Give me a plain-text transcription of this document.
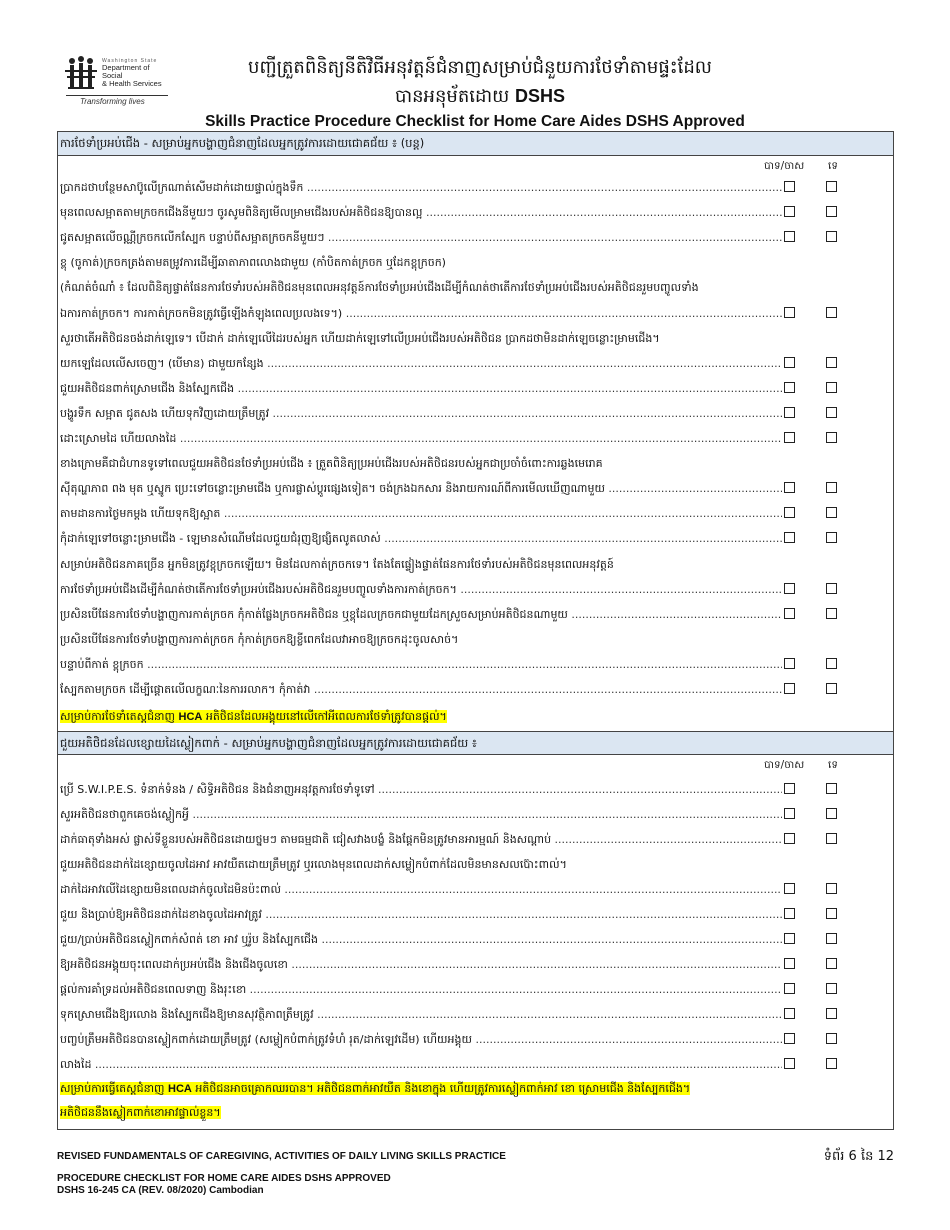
Washington State
Department of Social
& Health Services
Transforming lives
បញ្ជីត្រួតពិនិត្យនីតិវិធីអនុវត្តន៍ជំនាញសម្រាប់ជំនួយការថែទាំតាមផ្ទះដែល
បានអនុម័តដោយ DSHS
Skills Practice Procedure Checklist for Home Care Aides DSHS Approved
ការថែទាំប្រអប់ជើង - សម្រាប់អ្នកបង្ហាញជំនាញដែលអ្នកត្រូវការដោយជោគជ័យ ៖ (បន្ត)
បាទ/ចាស ទេ
ប្រាកដថាបន្ថែមសាប៊ូលើក្រណាត់សើមដាក់ដោយផ្ទាល់ក្នុងទឹក .....
មុនពេលសម្អាតតាមក្រចកជើងនីមួយៗ ចូរសូមពិនិត្យមើលម្រាមជើងរបស់អតិថិជនឱ្យបានល្អ .....
ជូតសម្អាតលើចណ្ណីក្រចកលើកស្បែក បន្ទាប់ពីសម្អាតក្រចកនីមួយៗ .....
ខ្ពុ (ចូកាត់)ក្រចកត្រង់តាមតម្រូវការដើម្បីឆាតាភាពលោងជាមួយ (កាំបិតកាត់ក្រចក ឬដែកខ្ពុក្រចក)
(កំណត់ចំណាំ ៖ ដែលពិនិត្យផ្ទាត់ផែនការថែទាំរបស់អតិថិជនមុនពេលអនុវត្តន៍ការថែទាំប្រអប់ជើងដើម្បីកំណត់ថាតើការថែទាំប្រអប់ជើងរបស់អតិថិជនរួមបញ្ចូលទាំង
ឯការកាត់ក្រចក។ ការកាត់ក្រចកមិនត្រូវធ្វើឡើងកំឡុងពេលប្រលងទេ។) .....
សួរថាតើអតិថិជនចង់ដាក់ឡេទេ។ បើដាក់ ដាក់ឡេលើដៃរបស់អ្នក ហើយដាក់ឡេទៅលើប្រអប់ជើងរបស់អតិថិជន ប្រាកដថាមិនដាក់ឡេចន្លោះម្រាមជើង។
យកឡេដែលលើសចេញ។ (បើមាន) ជាមួយកន្សែង .....
ជួយអតិថិជនពាក់ស្រោមជើង និងស្បែកជើង .....
បង្ហូរទឹក សម្អាត ជូតសង ហើយទុកវិញដោយត្រឹមត្រូវ .....
ដោះស្រោមដៃ ហើយលាងដៃ .....
ខាងក្រោមគឺជាជំហានទូទៅពេលជួយអតិថិជនថែទាំប្រអប់ជើង ៖ ត្រួតពិនិត្យប្រអប់ជើងរបស់អតិថិជនរបស់អ្នកជាប្រចាំចំពោះការឆ្លងមេរោគ
ស៊ីតុណ្ហភាព ពង មុត ឬស្នូក ប្រេះទៅចន្លោះម្រាមជើង ឬការផ្លាស់ប្តូរផ្សេងទៀត។ ចង់ក្រងឯកសារ និងរាយការណ៍ពីការមើលឃើញណាមួយ .....
តាមដានការថ្ងៃមកម្តង ហើយទុកឱ្យស្អាត .....
កុំដាក់ឡេទៅចន្លោះម្រាមជើង - ឡេមានសំណើមដែលជួយជំរុញឱ្យផ្សិតលូតលាស់ .....
សម្រាប់អតិថិជនភាគច្រើន អ្នកមិនត្រូវខ្ពុក្រចកឡើយ។ មិនដែលកាត់ក្រចកទេ។ តែងតែផ្ទៀងផ្ទាត់ផែនការថែទាំរបស់អតិថិជនមុនពេលអនុវត្តន៍
ការថែទាំប្រអប់ជើងដើម្បីកំណត់ថាតើការថែទាំប្រអប់ជើងរបស់អតិថិជនរួមបញ្ចូលទាំងការកាត់ក្រចក។ .....
ប្រសិនបើផែនការថែទាំបង្ហាញការកាត់ក្រចក កុំកាត់ផ្លែងក្រចកអតិថិជន ឬខ្ពុដែលក្រចកជាមួយដែកស្រួចសម្រាប់អតិថិជនណាមួយ .....
ប្រសិនបើផែនការថែទាំបង្ហាញការកាត់ក្រចក កុំកាត់ក្រចកឱ្យខ្លីពេកដែលវាអាចឱ្យក្រចកដុះចូលសាច់។
បន្ទាប់ពីកាត់ ខ្ពុក្រចក .....
ស្បែកតាមក្រចក ដើម្បីផ្តោតលើលក្ខណៈនៃការរលាក។ កុំកាត់វា .....
សម្រាប់ការថែទាំតេស្តជំនាញ HCA អតិថិជនដែលអង្គុយនៅលើកៅអីពេលការថែទាំត្រូវបានផ្តល់។
ជួយអតិថិជនដែលខ្សោយដៃស្លៀកពាក់ - សម្រាប់អ្នកបង្ហាញជំនាញដែលអ្នកត្រូវការដោយជោគជ័យ ៖
បាទ/ចាស ទេ
ប្រើ S.W.I.P.E.S. ទំនាក់ទំនង / សិទ្ធិអតិថិជន និងជំនាញអនុវត្តការថែទាំទូទៅ .....
សួរអតិថិជនថាពួកគេចង់ស្លៀកអ្វី .....
ដាក់ធាតុទាំងអស់ ផ្លាស់ទីខ្លួនរបស់អតិថិជនដោយថ្នមៗ តាមធម្មជាតិ ជៀសវាងបង្ខំ និងផ្តែកមិនត្រូវមានអារម្មណ៍ និងសណ្តាប់ .....
ជួយអតិថិជនដាក់ដៃខ្សោយចូលដៃអាវ អាវយឺតដោយត្រឹមត្រូវ ឬរលោងមុនពេលដាក់សម្លៀកបំពាក់ដែលមិនមានសលប៊ោះពាល់។
ដាក់ដៃអាវលើដៃខ្សោយមិនពេលដាក់ចូលដៃមិនប៉ះពាល់ .....
ជួយ និងប្រាប់ឱ្យអតិថិជនដាក់ដៃខាងចូលដៃអាវត្រូវ .....
ជួយ/ប្រាប់អតិថិជនស្លៀកពាក់សំពត់ ខោ អាវ ឬរ៉ូប និងស្បែកជើង .....
ឱ្យអតិថិជនអង្គុយចុះពេលដាក់ប្រអប់ជើង និងជើងចូលខោ .....
ផ្តល់ការគាំទ្រដល់អតិថិជនពេលទាញ និងរុះខោ .....
ទុកស្រោមជើងឱ្យរលោង និងស្បែកជើងឱ្យមានសុវត្ថិភាពត្រឹមត្រូវ .....
បញ្ចប់ត្រឹមអតិថិជនបានស្លៀកពាក់ដោយត្រឹមត្រូវ (សម្លៀកបំពាក់ត្រូវទំហំ រុត/ដាក់ឡេវដើម) ហើយអង្គុយ .....
លាងដៃ .....
សម្រាប់ការធ្វើតេស្តជំនាញ HCA អតិថិជនអាចគ្រោកឈរបាន។ អតិថិជនពាក់អាវយឺត និងខោក្នុង ហើយត្រូវការស្លៀកពាក់អាវ ខោ ស្រោមជើង និងស្បែកជើង។
អតិថិជននឹងស្លៀកពាក់ខោអាវផ្ទាល់ខ្លួន។
REVISED FUNDAMENTALS OF CAREGIVING, ACTIVITIES OF DAILY LIVING SKILLS PRACTICE
PROCEDURE CHECKLIST FOR HOME CARE AIDES DSHS APPROVED
DSHS 16-245 CA (REV. 08/2020) Cambodian
ទំព័រ 6 នៃ 12
